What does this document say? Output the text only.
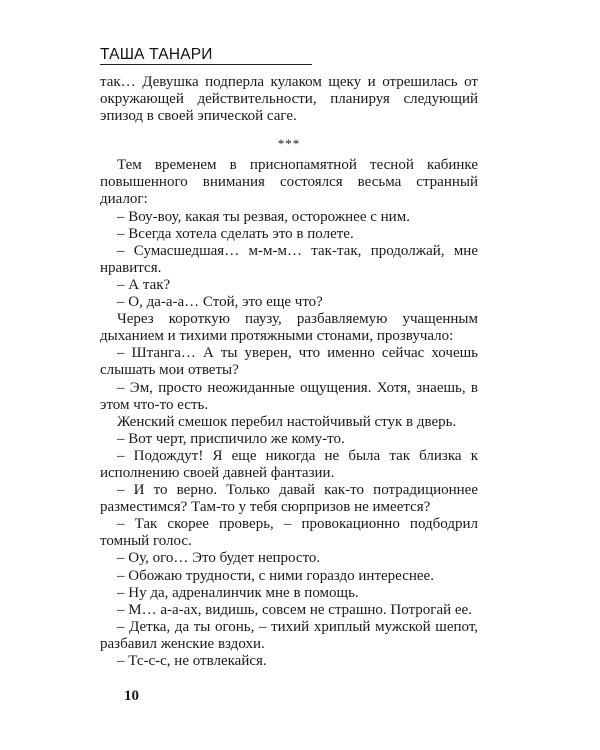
ТАША ТАНАРИ

так… Девушка подперла кулаком щеку и отрешилась от окружающей действительности, планируя следующий эпизод в своей эпической саге.

***

Тем временем в приснопамятной тесной кабинке повышенного внимания состоялся весьма странный диалог:

– Воу-воу, какая ты резвая, осторожнее с ним.

– Всегда хотела сделать это в полете.

– Сумасшедшая… м-м-м… так-так, продолжай, мне нравится.

– А так?

– О, да-а-а… Стой, это еще что?

Через короткую паузу, разбавляемую учащенным дыханием и тихими протяжными стонами, прозвучало:

– Штанга… А ты уверен, что именно сейчас хочешь слышать мои ответы?

– Эм, просто неожиданные ощущения. Хотя, знаешь, в этом что-то есть.

Женский смешок перебил настойчивый стук в дверь.

– Вот черт, приспичило же кому-то.

– Подождут! Я еще никогда не была так близка к исполнению своей давней фантазии.

– И то верно. Только давай как-то потрадиционнее разместимся? Там-то у тебя сюрпризов не имеется?

– Так скорее проверь, – провокационно подбодрил томный голос.

– Оу, ого… Это будет непросто.

– Обожаю трудности, с ними гораздо интереснее.

– Ну да, адреналинчик мне в помощь.

– М… а-а-ах, видишь, совсем не страшно. Потрогай ее.

– Детка, да ты огонь, – тихий хриплый мужской шепот, разбавил женские вздохи.

– Тс-с-с, не отвлекайся.

10
